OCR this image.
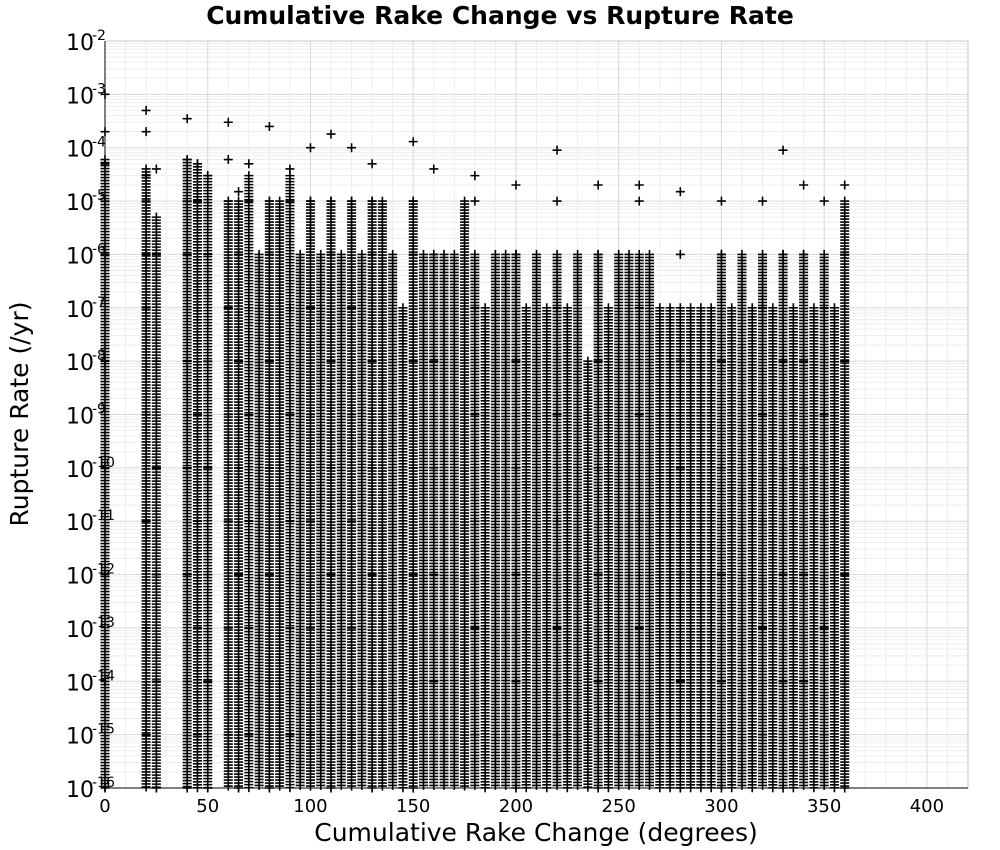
Cumulative Rake Change vs Rupture Rate
0	50	100	150	200	250	300	350	400
10
-2
10
-3
10
-4
10
-5
10
-6
10
-7
10
-8
10
-9
10
-10
10
-11
10
-12
10
-13
10
-14
10
-15
10
-16
Cumulative Rake Change (degrees)
Rupture Rate (/yr)
